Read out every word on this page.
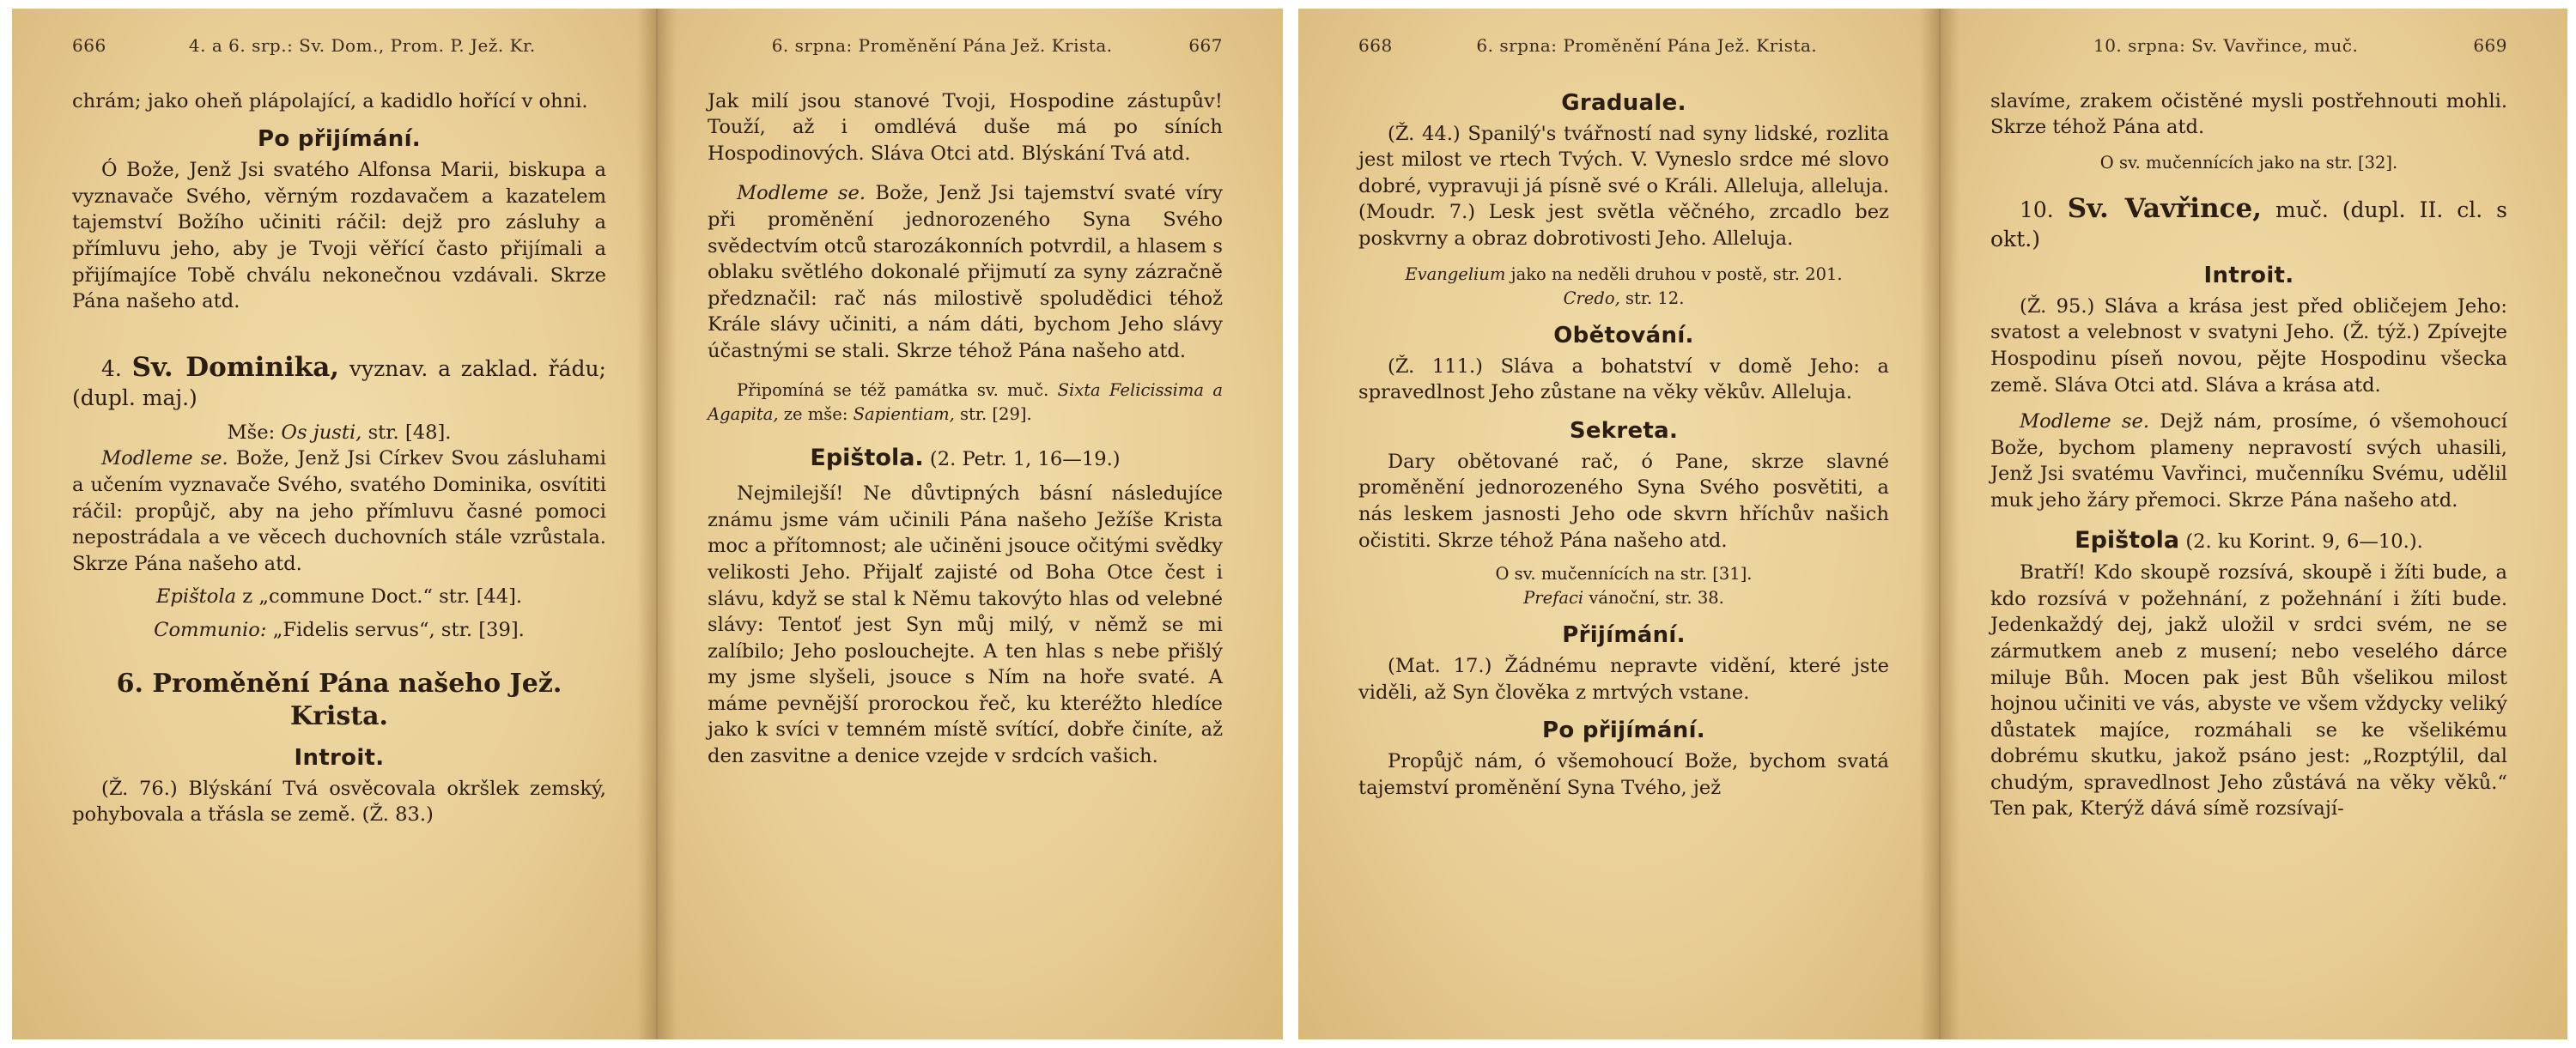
666	4. a 6. srp.: Sv. Dom., Prom. P. Jež. Kr.

chrám; jako oheň plápolající, a kadidlo hořící v ohni.

Po přijímání.

Ó Bože, Jenž Jsi svatého Alfonsa Marii, biskupa a vyznavače Svého, věrným rozdavačem a kazatelem tajemství Božího učiniti ráčil: dejž pro zásluhy a přímluvu jeho, aby je Tvoji věřící často přijímali a přijímajíce Tobě chválu nekonečnou vzdávali. Skrze Pána našeho atd.

4. Sv. Dominika, vyznav. a zaklad. řádu; (dupl. maj.)

Mše: Os justi, str. [48].

Modleme se. Bože, Jenž Jsi Církev Svou zásluhami a učením vyznavače Svého, svatého Dominika, osvítiti ráčil: propůjč, aby na jeho přímluvu časné pomoci nepostrádala a ve věcech duchovních stále vzrůstala. Skrze Pána našeho atd.

Epištola z „commune Doct.“ str. [44].

Communio: „Fidelis servus“, str. [39].

6. Proměnění Pána našeho Jež. Krista.
Introit.

(Ž. 76.) Blýskání Tvá osvěcovala okršlek zemský, pohybovala a třásla se země. (Ž. 83.)

6. srpna: Proměnění Pána Jež. Krista.	667

Jak milí jsou stanové Tvoji, Hospodine zástupův! Touží, až i omdlévá duše má po síních Hospodinových. Sláva Otci atd. Blýskání Tvá atd.

Modleme se. Bože, Jenž Jsi tajemství svaté víry při proměnění jednorozeného Syna Svého svědectvím otců starozákonních potvrdil, a hlasem s oblaku světlého dokonalé přijmutí za syny zázračně předznačil: rač nás milostivě spoludědici téhož Krále slávy učiniti, a nám dáti, bychom Jeho slávy účastnými se stali. Skrze téhož Pána našeho atd.

Připomíná se též památka sv. muč. Sixta Felicissima a Agapita, ze mše: Sapientiam, str. [29].

Epištola. (2. Petr. 1, 16—19.)

Nejmilejší! Ne důvtipných básní následujíce známu jsme vám učinili Pána našeho Ježíše Krista moc a přítomnost; ale učiněni jsouce očitými svědky velikosti Jeho. Přijalť zajisté od Boha Otce čest i slávu, když se stal k Němu takovýto hlas od velebné slávy: Tentoť jest Syn můj milý, v němž se mi zalíbilo; Jeho poslouchejte. A ten hlas s nebe přišlý my jsme slyšeli, jsouce s Ním na hoře svaté. A máme pevnější prorockou řeč, ku kteréžto hledíce jako k svíci v temném místě svítící, dobře činíte, až den zasvitne a denice vzejde v srdcích vašich.

668	6. srpna: Proměnění Pána Jež. Krista.
Graduale.

(Ž. 44.) Spanilý's tvářností nad syny lidské, rozlita jest milost ve rtech Tvých. V. Vyneslo srdce mé slovo dobré, vypravuji já písně své o Králi. Alleluja, alleluja. (Moudr. 7.) Lesk jest světla věčného, zrcadlo bez poskvrny a obraz dobrotivosti Jeho. Alleluja.

Evangelium jako na neděli druhou v postě, str. 201.

Credo, str. 12.

Obětování.

(Ž. 111.) Sláva a bohatství v domě Jeho: a spravedlnost Jeho zůstane na věky věkův. Alleluja.

Sekreta.

Dary obětované rač, ó Pane, skrze slavné proměnění jednorozeného Syna Svého posvětiti, a nás leskem jasnosti Jeho ode skvrn hříchův našich očistiti. Skrze téhož Pána našeho atd.

O sv. mučennících na str. [31].

Prefaci vánoční, str. 38.

Přijímání.

(Mat. 17.) Žádnému nepravte vidění, které jste viděli, až Syn člověka z mrtvých vstane.

Po přijímání.

Propůjč nám, ó všemohoucí Bože, bychom svatá tajemství proměnění Syna Tvého, jež

10. srpna: Sv. Vavřince, muč.	669

slavíme, zrakem očistěné mysli postřehnouti mohli. Skrze téhož Pána atd.

O sv. mučennících jako na str. [32].

10. Sv. Vavřince, muč. (dupl. II. cl. s okt.)

Introit.

(Ž. 95.) Sláva a krása jest před obličejem Jeho: svatost a velebnost v svatyni Jeho. (Ž. týž.) Zpívejte Hospodinu píseň novou, pějte Hospodinu všecka země. Sláva Otci atd. Sláva a krása atd.

Modleme se. Dejž nám, prosíme, ó všemohoucí Bože, bychom plameny nepravostí svých uhasili, Jenž Jsi svatému Vavřinci, mučenníku Svému, udělil muk jeho žáry přemoci. Skrze Pána našeho atd.

Epištola (2. ku Korint. 9, 6—10.).

Bratří! Kdo skoupě rozsívá, skoupě i žíti bude, a kdo rozsívá v požehnání, z požehnání i žíti bude. Jedenkaždý dej, jakž uložil v srdci svém, ne se zármutkem aneb z musení; nebo veselého dárce miluje Bůh. Mocen pak jest Bůh všelikou milost hojnou učiniti ve vás, abyste ve všem vždycky veliký důstatek majíce, rozmáhali se ke všelikému dobrému skutku, jakož psáno jest: „Rozptýlil, dal chudým, spravedlnost Jeho zůstává na věky věků.“ Ten pak, Kterýž dává símě rozsívají-
